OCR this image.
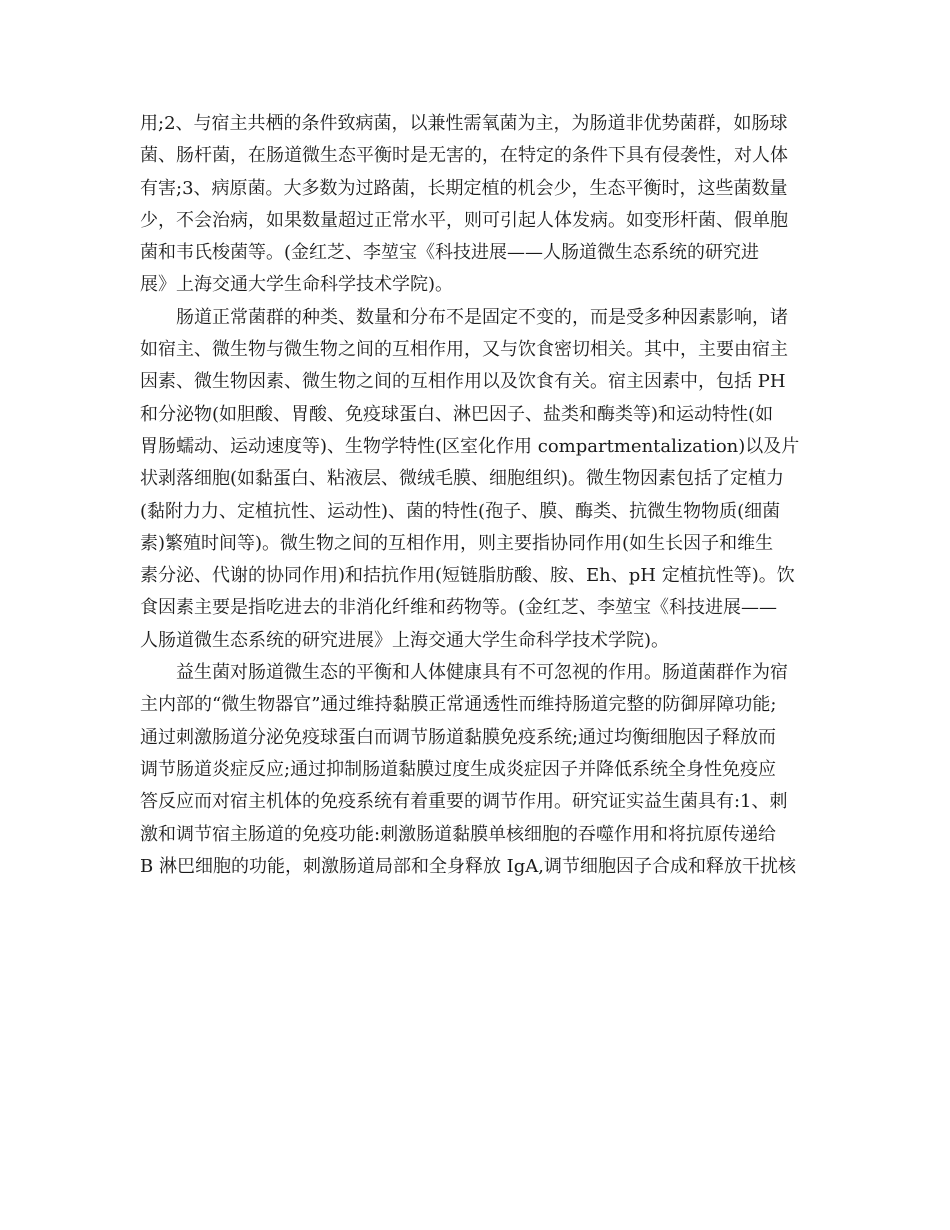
用;2、与宿主共栖的条件致病菌，以兼性需氧菌为主，为肠道非优势菌群，如肠球
菌、肠杆菌，在肠道微生态平衡时是无害的，在特定的条件下具有侵袭性，对人体
有害;3、病原菌。大多数为过路菌，长期定植的机会少，生态平衡时，这些菌数量
少，不会治病，如果数量超过正常水平，则可引起人体发病。如变形杆菌、假单胞
菌和韦氏梭菌等。(金红芝、李堃宝《科技进展——人肠道微生态系统的研究进
展》上海交通大学生命科学技术学院)。
　　肠道正常菌群的种类、数量和分布不是固定不变的，而是受多种因素影响，诸
如宿主、微生物与微生物之间的互相作用，又与饮食密切相关。其中，主要由宿主
因素、微生物因素、微生物之间的互相作用以及饮食有关。宿主因素中，包括 PH
和分泌物(如胆酸、胃酸、免疫球蛋白、淋巴因子、盐类和酶类等)和运动特性(如
胃肠蠕动、运动速度等)、生物学特性(区室化作用 compartmentalization)以及片
状剥落细胞(如黏蛋白、粘液层、微绒毛膜、细胞组织)。微生物因素包括了定植力
(黏附力力、定植抗性、运动性)、菌的特性(孢子、膜、酶类、抗微生物物质(细菌
素)繁殖时间等)。微生物之间的互相作用，则主要指协同作用(如生长因子和维生
素分泌、代谢的协同作用)和拮抗作用(短链脂肪酸、胺、Eh、pH 定植抗性等)。饮
食因素主要是指吃进去的非消化纤维和药物等。(金红芝、李堃宝《科技进展——
人肠道微生态系统的研究进展》上海交通大学生命科学技术学院)。
　　益生菌对肠道微生态的平衡和人体健康具有不可忽视的作用。肠道菌群作为宿
主内部的“微生物器官”通过维持黏膜正常通透性而维持肠道完整的防御屏障功能;
通过刺激肠道分泌免疫球蛋白而调节肠道黏膜免疫系统;通过均衡细胞因子释放而
调节肠道炎症反应;通过抑制肠道黏膜过度生成炎症因子并降低系统全身性免疫应
答反应而对宿主机体的免疫系统有着重要的调节作用。研究证实益生菌具有:1、刺
激和调节宿主肠道的免疫功能:刺激肠道黏膜单核细胞的吞噬作用和将抗原传递给
B 淋巴细胞的功能，刺激肠道局部和全身释放 IgA,调节细胞因子合成和释放干扰核
